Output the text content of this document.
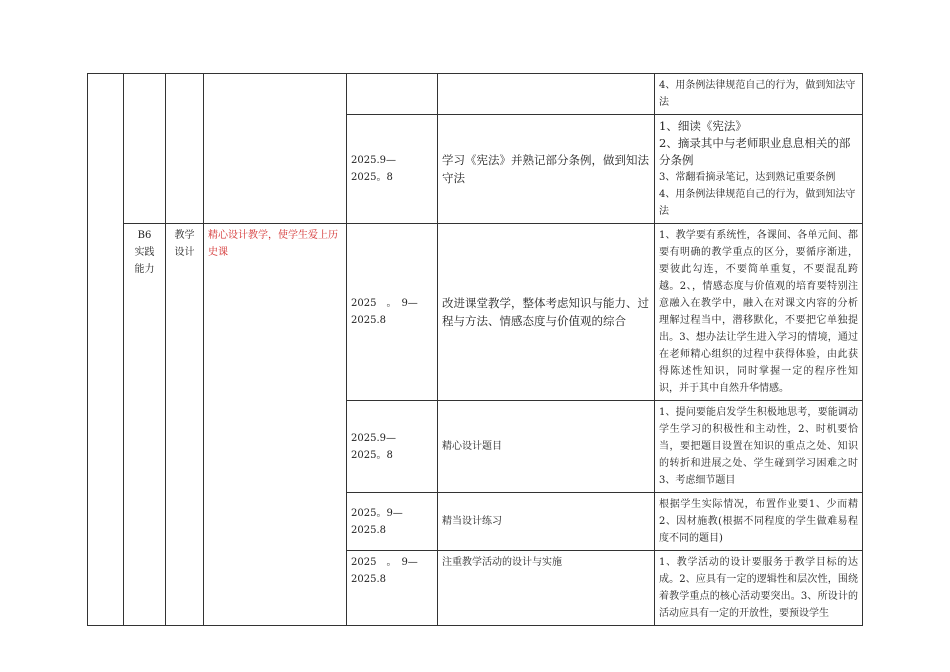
						4、用条例法律规范自己的行为，做到知法守法

				2025.9—
2025。8	学习《宪法》并熟记部分条例，做到知法守法	1、细读《宪法》
2、摘录其中与老师职业息息相关的部分条例
3、常翻看摘录笔记，达到熟记重要条例
4、用条例法律规范自己的行为，做到知法守法

	B6
实践
能力	教学
设计	精心设计教学，使学生爱上历史课	2025　。　9—
2025.8	改进课堂教学，整体考虑知识与能力、过程与方法、情感态度与价值观的综合	1、教学要有系统性，各课间、各单元间、都要有明确的教学重点的区分，要循序渐进，要彼此勾连，不要简单重复，不要混乱跨越。2、，情感态度与价值观的培育要特别注意融入在教学中，融入在对课文内容的分析理解过程当中，潜移默化，不要把它单独提出。3、想办法让学生进入学习的情境，通过在老师精心组织的过程中获得体验，由此获得陈述性知识，同时掌握一定的程序性知识，并于其中自然升华情感。

				2025.9—
2025。8	精心设计题目	1、提问要能启发学生积极地思考，要能调动学生学习的积极性和主动性，2、时机要恰当，要把题目设置在知识的重点之处、知识的转折和进展之处、学生碰到学习困难之时3、考虑细节题目
				2025。9—2025.8	精当设计练习	根据学生实际情况，布置作业要1、少而精2、因材施教(根据不同程度的学生做难易程度不同的题目)

				2025　。　9—
2025.8	注重教学活动的设计与实施	1、教学活动的设计要服务于教学目标的达成。2、应具有一定的逻辑性和层次性，围绕着教学重点的核心活动要突出。3、所设计的活动应具有一定的开放性，要预设学生
